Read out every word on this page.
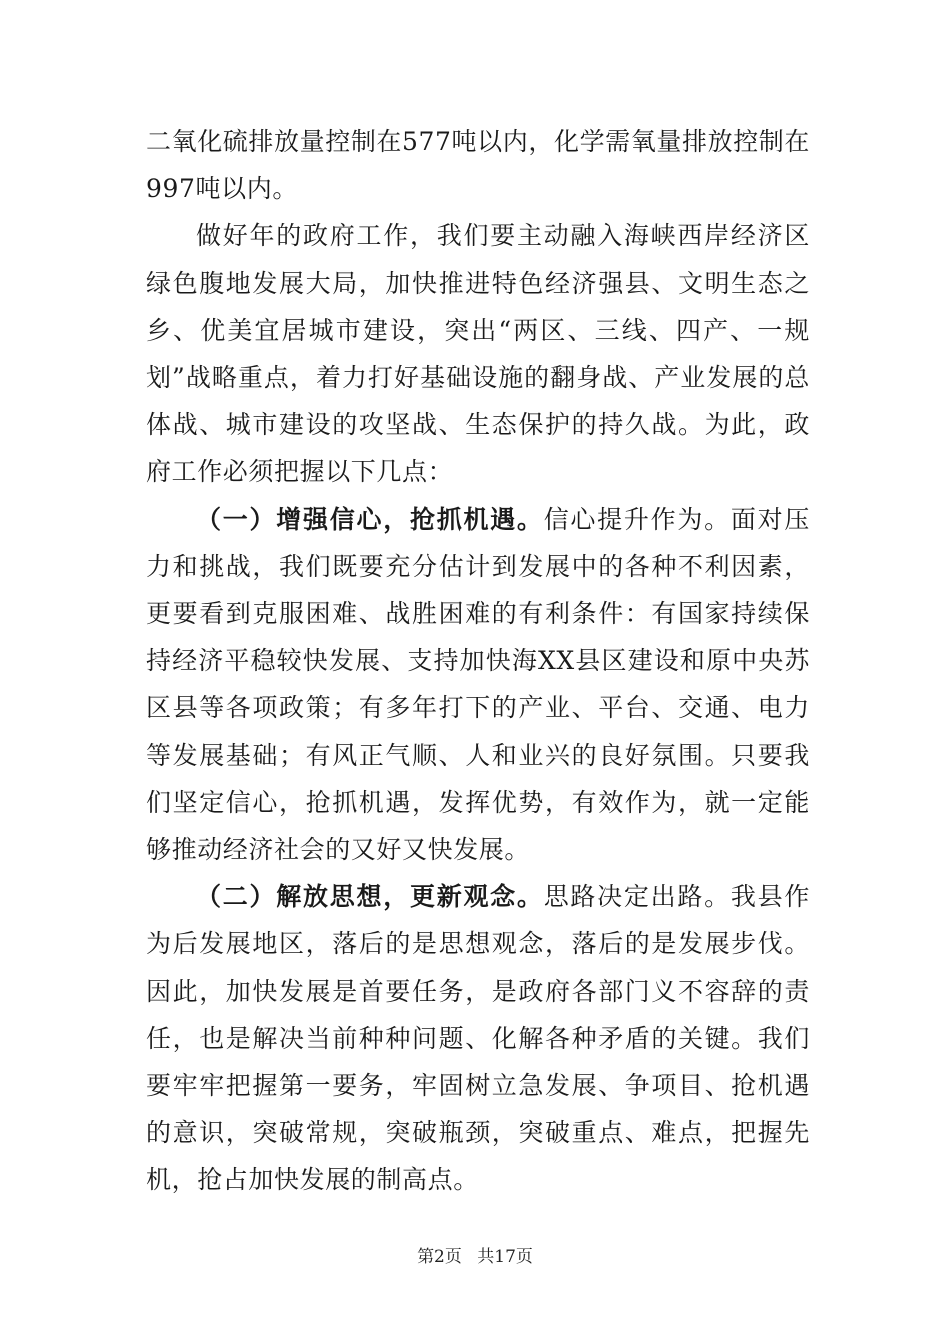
二氧化硫排放量控制在577吨以内，化学需氧量排放控制在997吨以内。

做好年的政府工作，我们要主动融入海峡西岸经济区绿色腹地发展大局，加快推进特色经济强县、文明生态之乡、优美宜居城市建设，突出“两区、三线、四产、一规划”战略重点，着力打好基础设施的翻身战、产业发展的总体战、城市建设的攻坚战、生态保护的持久战。为此，政府工作必须把握以下几点：

（一）增强信心，抢抓机遇。信心提升作为。面对压力和挑战，我们既要充分估计到发展中的各种不利因素，更要看到克服困难、战胜困难的有利条件：有国家持续保持经济平稳较快发展、支持加快海XX县区建设和原中央苏区县等各项政策；有多年打下的产业、平台、交通、电力等发展基础；有风正气顺、人和业兴的良好氛围。只要我们坚定信心，抢抓机遇，发挥优势，有效作为，就一定能够推动经济社会的又好又快发展。

（二）解放思想，更新观念。思路决定出路。我县作为后发展地区，落后的是思想观念，落后的是发展步伐。因此，加快发展是首要任务，是政府各部门义不容辞的责任，也是解决当前种种问题、化解各种矛盾的关键。我们要牢牢把握第一要务，牢固树立急发展、争项目、抢机遇的意识，突破常规，突破瓶颈，突破重点、难点，把握先机，抢占加快发展的制高点。

第2页 共17页
